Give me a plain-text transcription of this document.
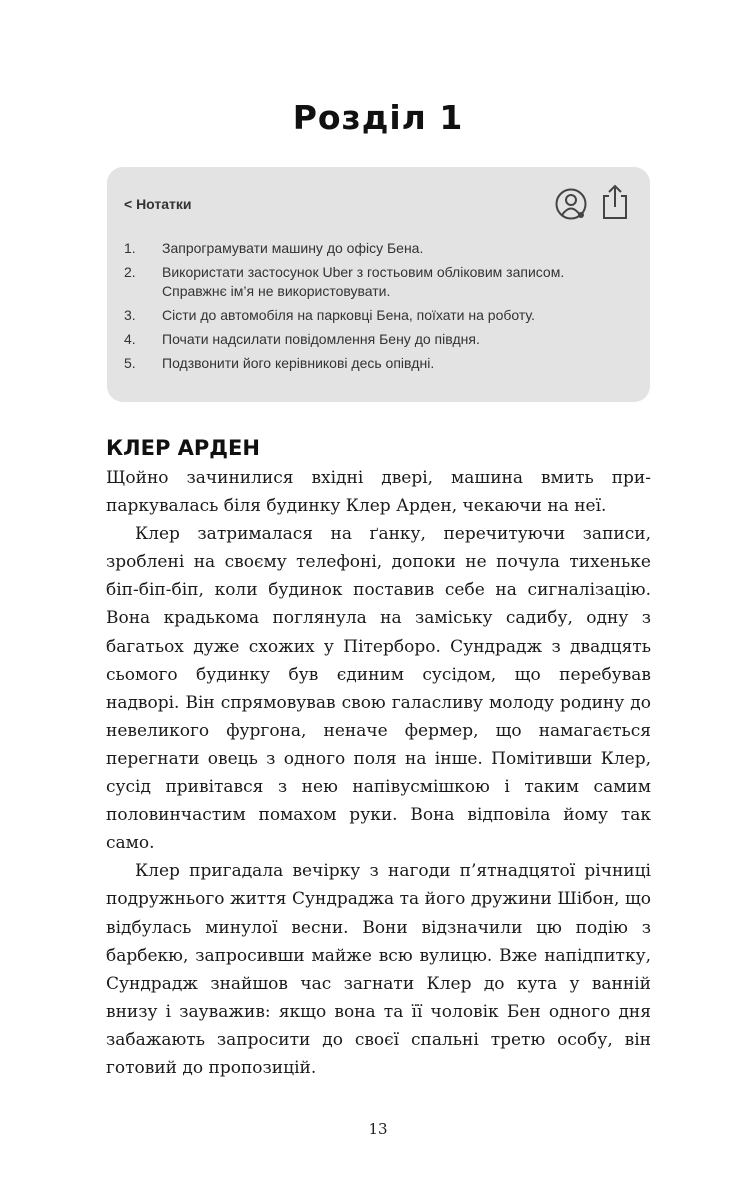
Розділ 1
< Нотатки
1. Запрограмувати машину до офісу Бена.
2. Використати застосунок Uber з гостьовим обліковим записом. Справжнє ім’я не використовувати.
3. Сісти до автомобіля на парковці Бена, поїхати на роботу.
4. Почати надсилати повідомлення Бену до півдня.
5. Подзвонити його керівникові десь опівдні.
КЛЕР АРДЕН

Щойно зачинилися вхідні двері, машина вмить припаркувалась біля будинку Клер Арден, чекаючи на неї.

Клер затрималася на ґанку, перечитуючи записи, зроблені на своєму телефоні, допоки не почула тихеньке біп-біп-біп, коли будинок поставив себе на сигналізацію. Вона крадькома поглянула на заміську садибу, одну з багатьох дуже схожих у Пітерборо. Сундрадж з двадцять сьомого будинку був єдиним сусідом, що перебував надворі. Він спрямовував свою галасливу молоду родину до невеликого фургона, неначе фермер, що намагається перегнати овець з одного поля на інше. Помітивши Клер, сусід привітався з нею напівусмішкою і таким самим половинчастим помахом руки. Вона відповіла йому так само.

Клер пригадала вечірку з нагоди п’ятнадцятої річниці подружнього життя Сундраджа та його дружини Шібон, що відбулась минулої весни. Вони відзначили цю подію з барбекю, запросивши майже всю вулицю. Вже напідпитку, Сундрадж знайшов час загнати Клер до кута у ванній внизу і зауважив: якщо вона та її чоловік Бен одного дня забажають запросити до своєї спальні третю особу, він готовий до пропозицій.

13
